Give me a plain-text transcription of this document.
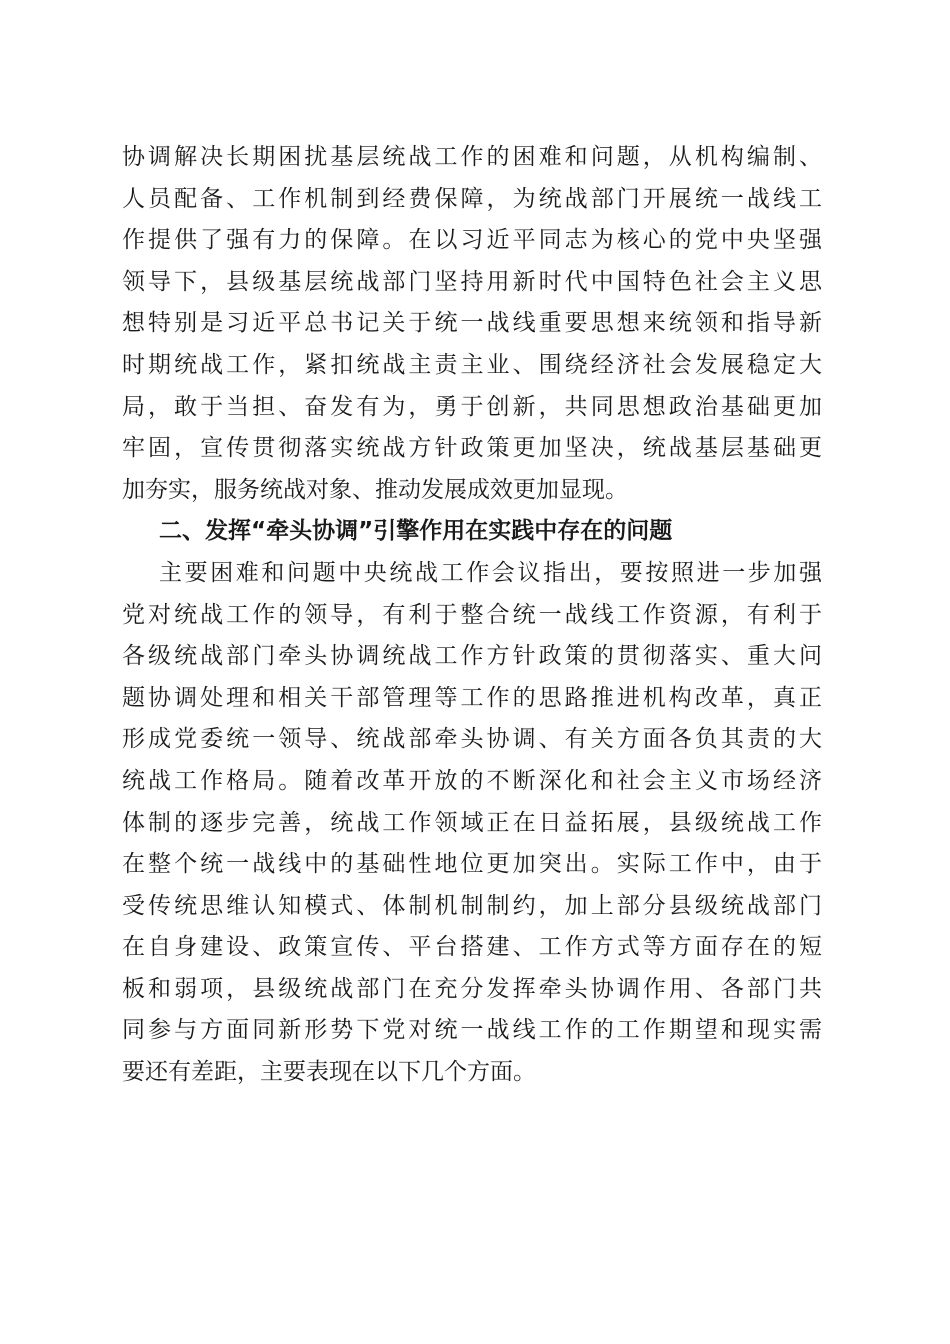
协调解决长期困扰基层统战工作的困难和问题，从机构编制、
人员配备、工作机制到经费保障，为统战部门开展统一战线工
作提供了强有力的保障。在以习近平同志为核心的党中央坚强
领导下，县级基层统战部门坚持用新时代中国特色社会主义思
想特别是习近平总书记关于统一战线重要思想来统领和指导新
时期统战工作，紧扣统战主责主业、围绕经济社会发展稳定大
局，敢于当担、奋发有为，勇于创新，共同思想政治基础更加
牢固，宣传贯彻落实统战方针政策更加坚决，统战基层基础更
加夯实，服务统战对象、推动发展成效更加显现。
二、发挥“牵头协调”引擎作用在实践中存在的问题
主要困难和问题中央统战工作会议指出，要按照进一步加强
党对统战工作的领导，有利于整合统一战线工作资源，有利于
各级统战部门牵头协调统战工作方针政策的贯彻落实、重大问
题协调处理和相关干部管理等工作的思路推进机构改革，真正
形成党委统一领导、统战部牵头协调、有关方面各负其责的大
统战工作格局。随着改革开放的不断深化和社会主义市场经济
体制的逐步完善，统战工作领域正在日益拓展，县级统战工作
在整个统一战线中的基础性地位更加突出。实际工作中，由于
受传统思维认知模式、体制机制制约，加上部分县级统战部门
在自身建设、政策宣传、平台搭建、工作方式等方面存在的短
板和弱项，县级统战部门在充分发挥牵头协调作用、各部门共
同参与方面同新形势下党对统一战线工作的工作期望和现实需
要还有差距，主要表现在以下几个方面。
